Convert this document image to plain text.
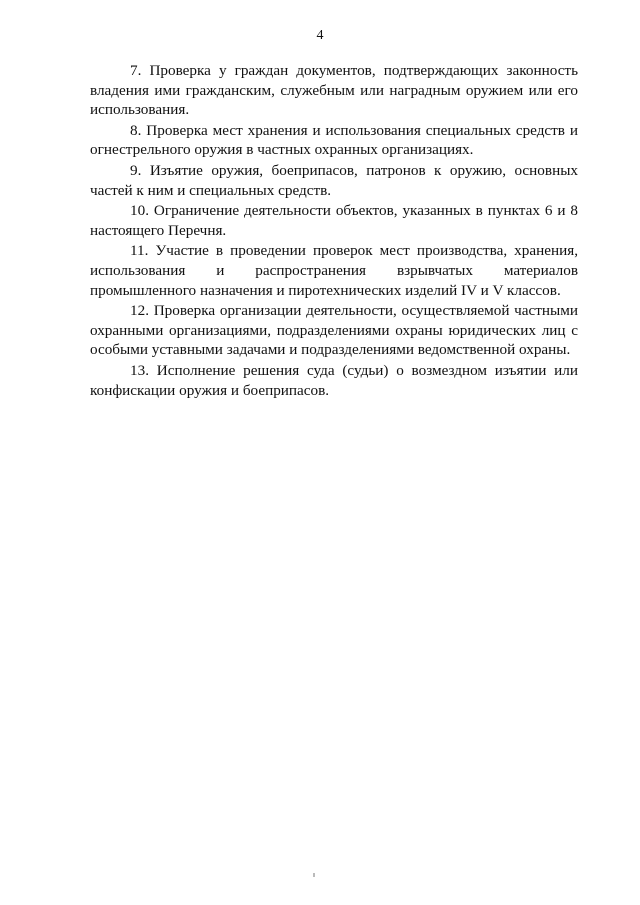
4

7. Проверка у граждан документов, подтверждающих законность владения ими гражданским, служебным или наградным оружием или его использования.

8. Проверка мест хранения и использования специальных средств и огнестрельного оружия в частных охранных организациях.

9. Изъятие оружия, боеприпасов, патронов к оружию, основных частей к ним и специальных средств.

10. Ограничение деятельности объектов, указанных в пунктах 6 и 8 настоящего Перечня.

11. Участие в проведении проверок мест производства, хранения, использования и распространения взрывчатых материалов промышленного назначения и пиротехнических изделий IV и V классов.

12. Проверка организации деятельности, осуществляемой частными охранными организациями, подразделениями охраны юридических лиц с особыми уставными задачами и подразделениями ведомственной охраны.

13. Исполнение решения суда (судьи) о возмездном изъятии или конфискации оружия и боеприпасов.
